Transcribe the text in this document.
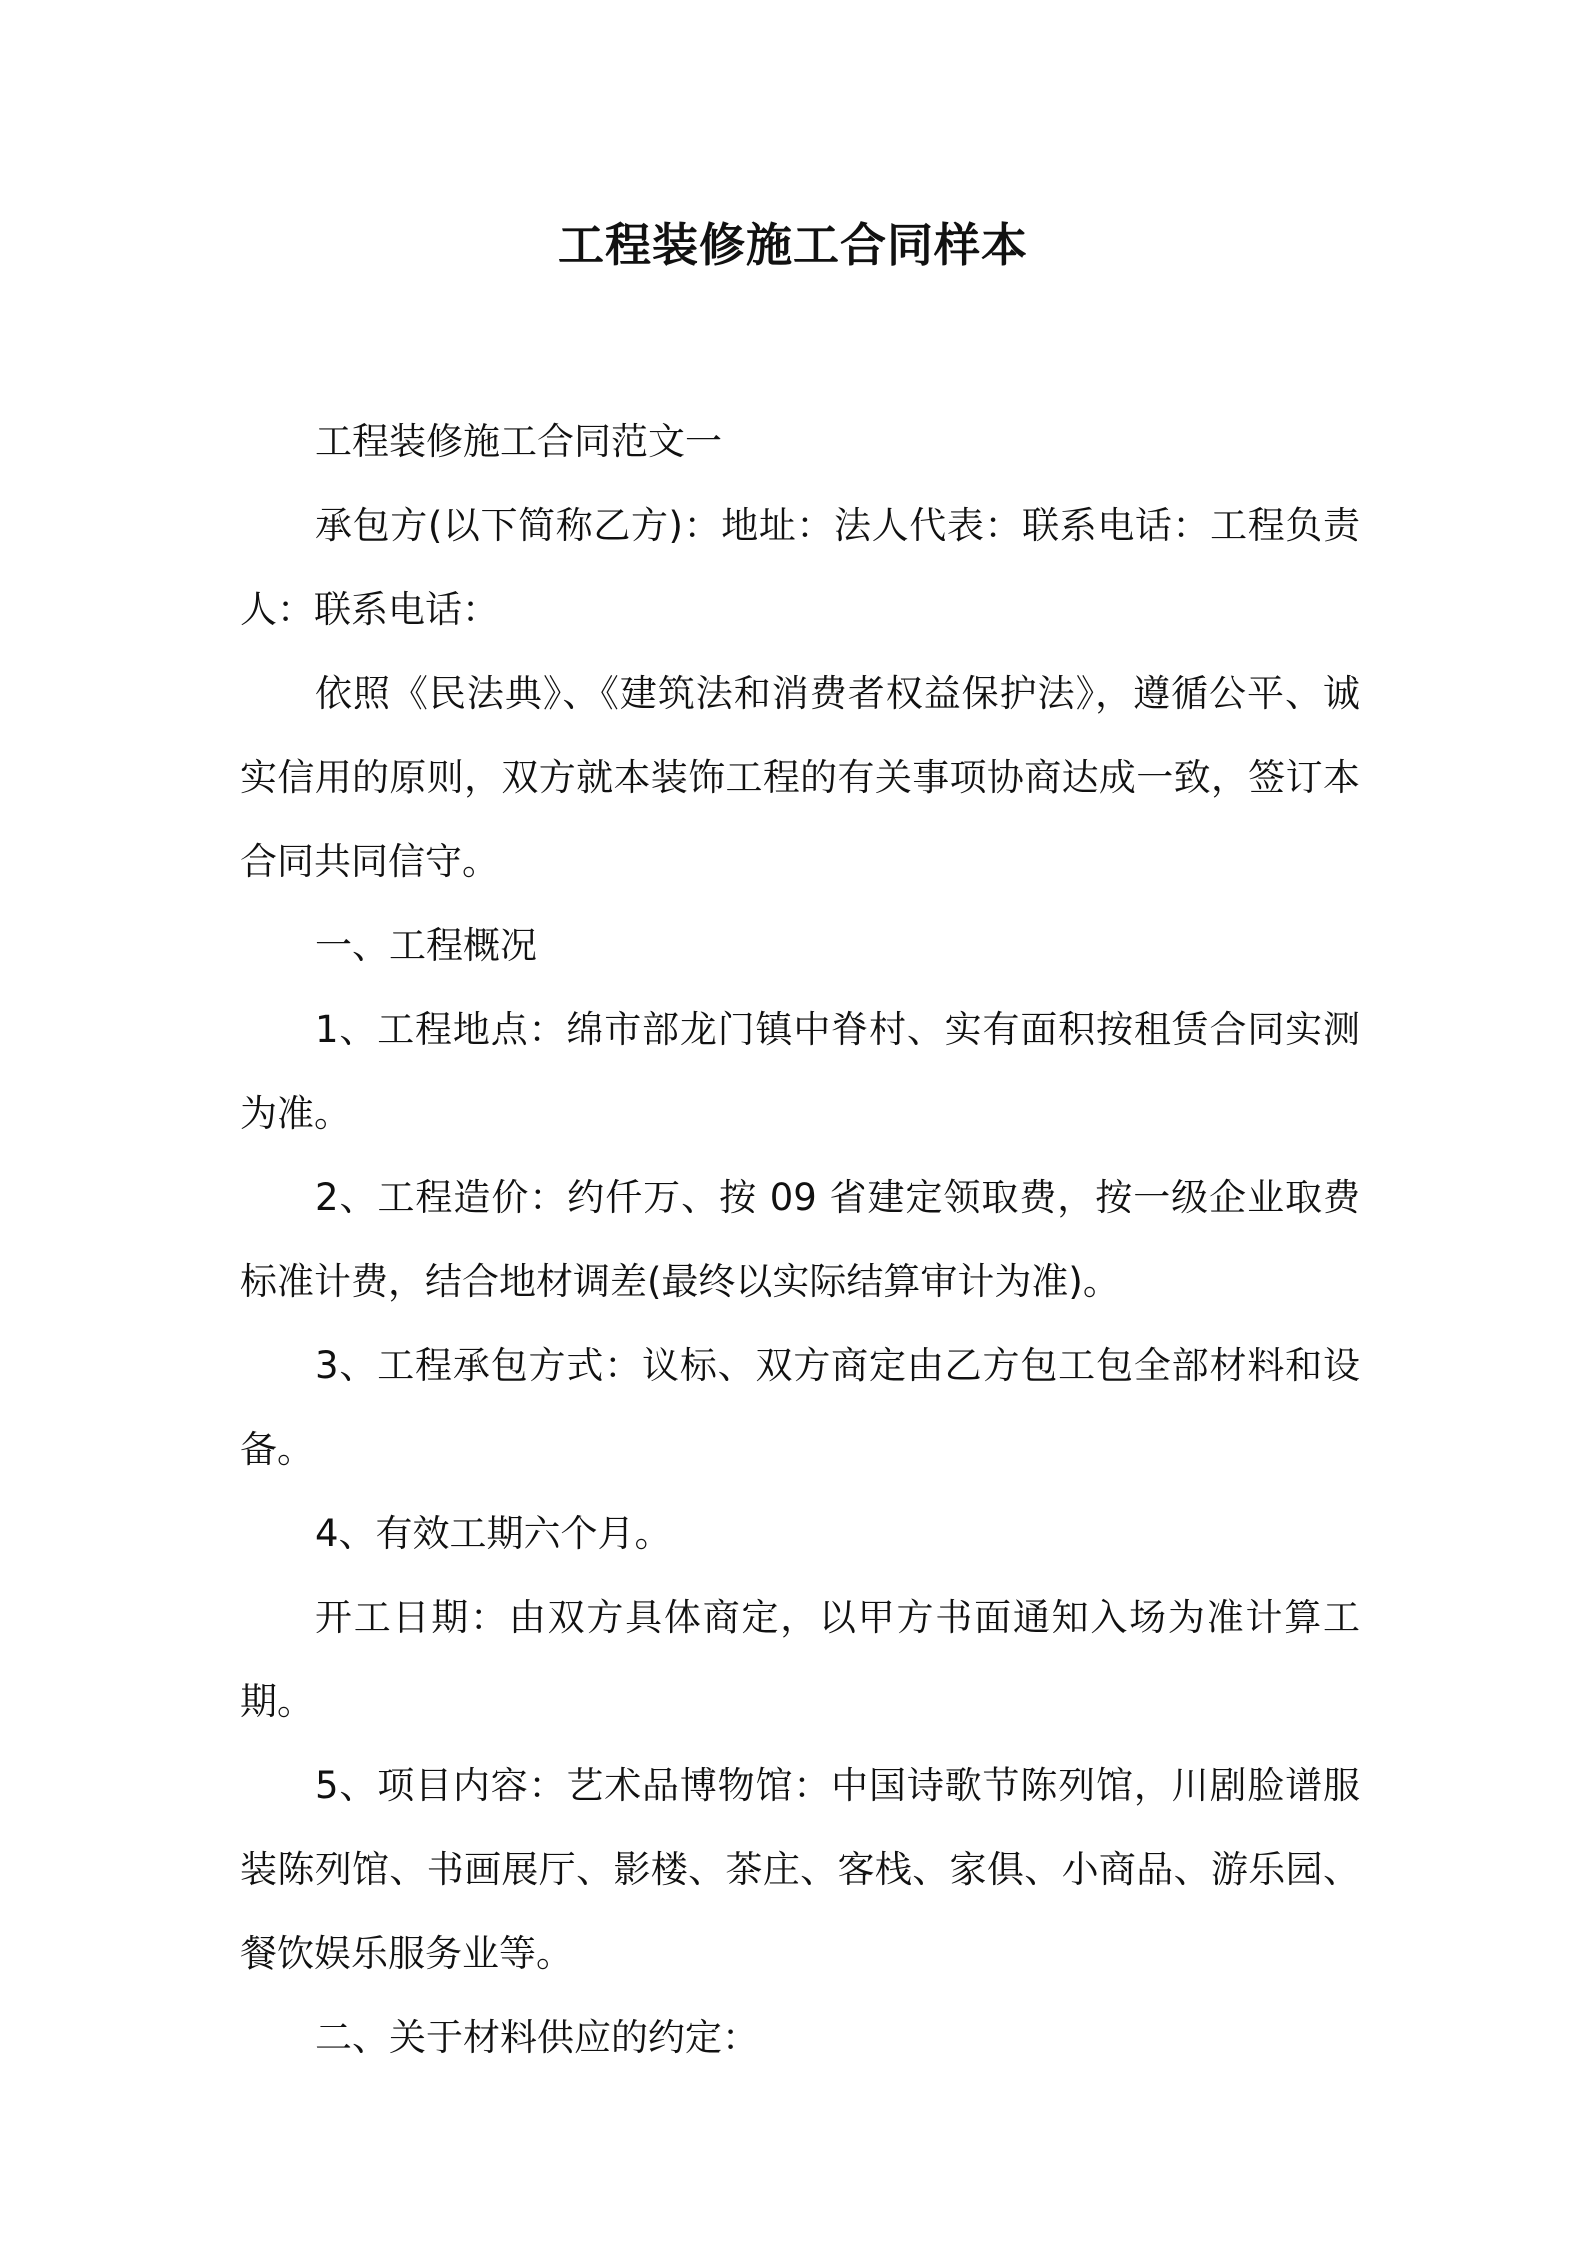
工程装修施工合同样本

工程装修施工合同范文一

承包方(以下简称乙方)：地址：法人代表：联系电话：工程负责人：联系电话：

依照《民法典》、《建筑法和消费者权益保护法》，遵循公平、诚实信用的原则，双方就本装饰工程的有关事项协商达成一致，签订本合同共同信守。

一、工程概况

1、工程地点：绵市部龙门镇中脊村、实有面积按租赁合同实测为准。

2、工程造价：约仟万、按 09 省建定领取费，按一级企业取费标准计费，结合地材调差(最终以实际结算审计为准)。

3、工程承包方式：议标、双方商定由乙方包工包全部材料和设备。

4、有效工期六个月。

开工日期：由双方具体商定，以甲方书面通知入场为准计算工期。

5、项目内容：艺术品博物馆：中国诗歌节陈列馆，川剧脸谱服装陈列馆、书画展厅、影楼、茶庄、客栈、家俱、小商品、游乐园、餐饮娱乐服务业等。

二、关于材料供应的约定：
